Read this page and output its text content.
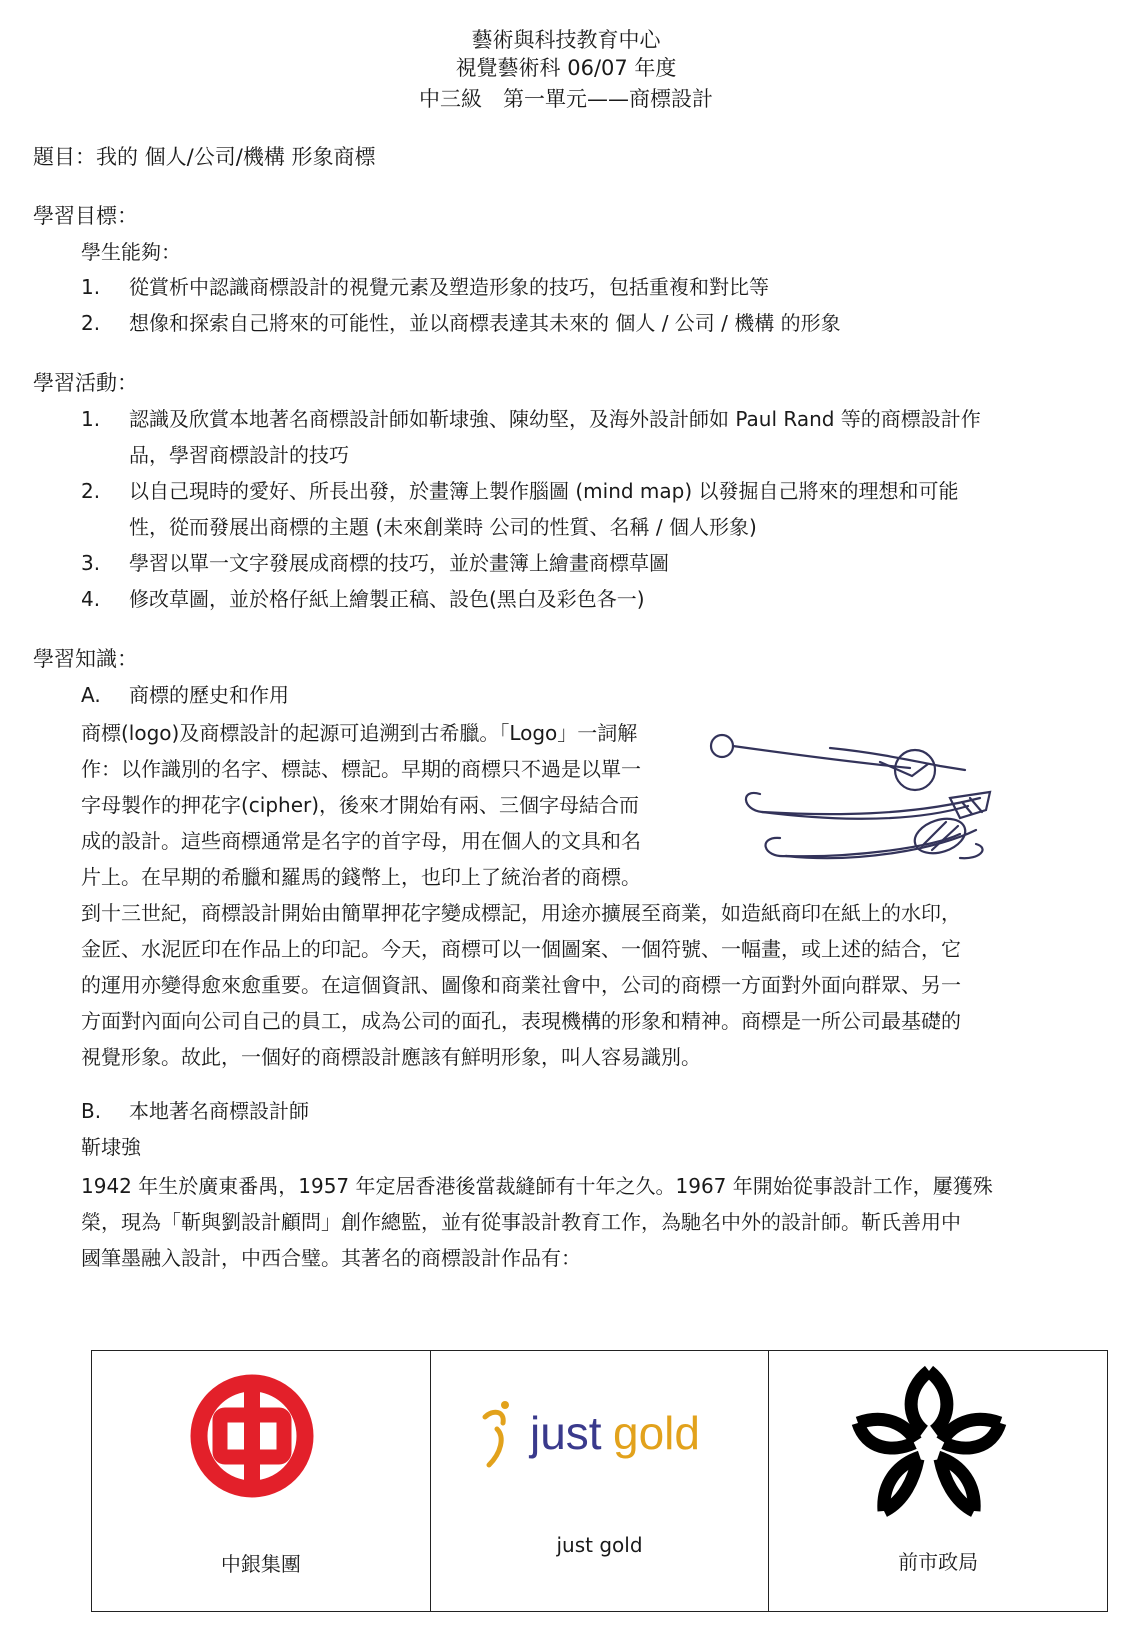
藝術與科技教育中心
視覺藝術科 06/07 年度
中三級　第一單元——商標設計
題目：我的 個人/公司/機構 形象商標
學習目標：
學生能夠：
1. 從賞析中認識商標設計的視覺元素及塑造形象的技巧，包括重複和對比等
2. 想像和探索自己將來的可能性，並以商標表達其未來的 個人 / 公司 / 機構 的形象
學習活動：
1. 認識及欣賞本地著名商標設計師如靳埭強、陳幼堅，及海外設計師如 Paul Rand 等的商標設計作
品，學習商標設計的技巧
2. 以自己現時的愛好、所長出發，於畫簿上製作腦圖 (mind map) 以發掘自己將來的理想和可能
性，從而發展出商標的主題 (未來創業時 公司的性質、名稱 / 個人形象)
3. 學習以單一文字發展成商標的技巧，並於畫簿上繪畫商標草圖
4. 修改草圖，並於格仔紙上繪製正稿、設色(黑白及彩色各一)
學習知識：
A. 商標的歷史和作用
商標(logo)及商標設計的起源可追溯到古希臘。「Logo」一詞解
作：以作識別的名字、標誌、標記。早期的商標只不過是以單一
字母製作的押花字(cipher)，後來才開始有兩、三個字母結合而
成的設計。這些商標通常是名字的首字母，用在個人的文具和名
片上。在早期的希臘和羅馬的錢幣上，也印上了統治者的商標。
到十三世紀，商標設計開始由簡單押花字變成標記，用途亦擴展至商業，如造紙商印在紙上的水印，
金匠、水泥匠印在作品上的印記。今天，商標可以一個圖案、一個符號、一幅畫，或上述的結合，它
的運用亦變得愈來愈重要。在這個資訊、圖像和商業社會中，公司的商標一方面對外面向群眾、另一
方面對內面向公司自己的員工，成為公司的面孔，表現機構的形象和精神。商標是一所公司最基礎的
視覺形象。故此，一個好的商標設計應該有鮮明形象，叫人容易識別。
B. 本地著名商標設計師
靳埭強
1942 年生於廣東番禺，1957 年定居香港後當裁縫師有十年之久。1967 年開始從事設計工作，屢獲殊
榮，現為「靳與劉設計顧問」創作總監，並有從事設計教育工作，為馳名中外的設計師。靳氏善用中
國筆墨融入設計，中西合璧。其著名的商標設計作品有：
中銀集團
just gold
just gold
前市政局
